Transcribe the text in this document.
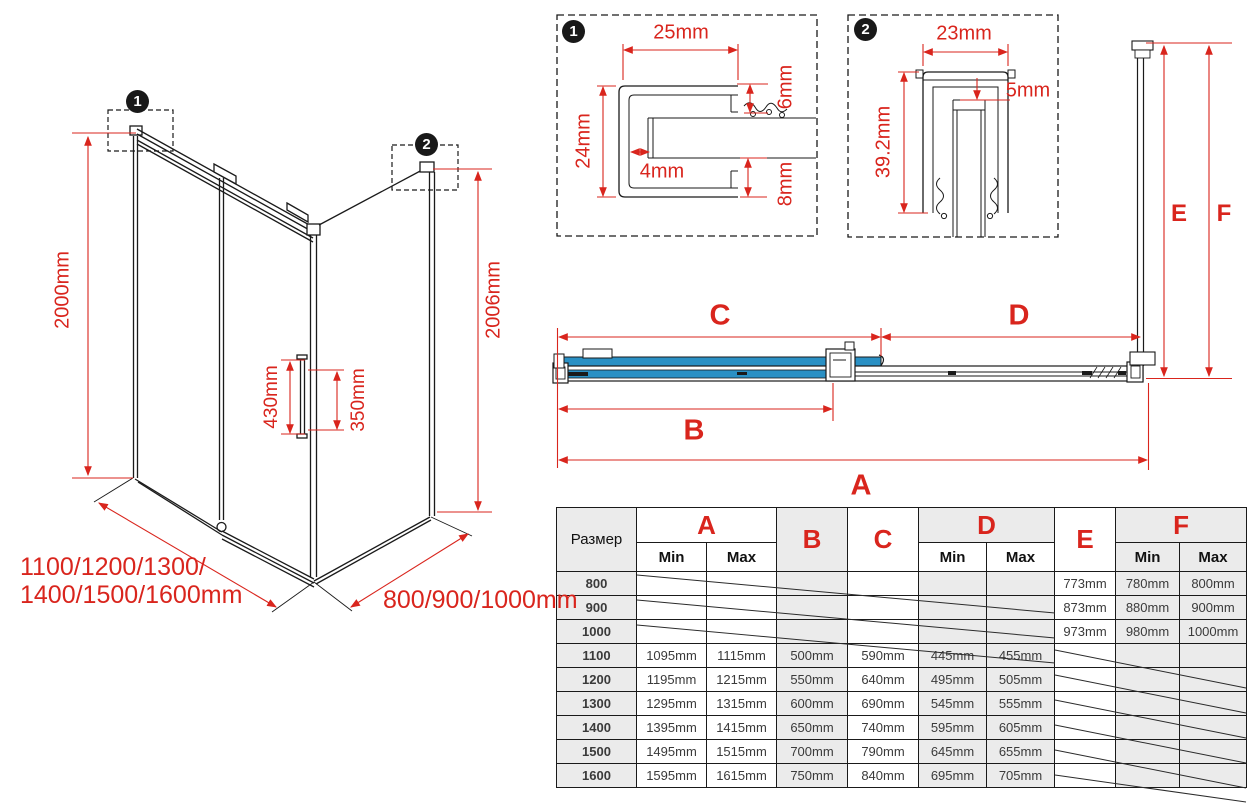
2000mm	2006mm
430mm	350mm
1100/1200/1300/
1400/1500/1600mm	800/900/1000mm
25mm
24mm
4mm
6mm
8mm
23mm
39.2mm
5mm
C	D
B
A
E F
1
2
1	2
Размер	A		B	C	D		E	F	
	Min	Max			Min	Max		Min	Max
800							773mm	780mm	800mm
900							873mm	880mm	900mm
1000							973mm	980mm	1000mm
1100	1095mm	1115mm	500mm	590mm	445mm	455mm			
1200	1195mm	1215mm	550mm	640mm	495mm	505mm			
1300	1295mm	1315mm	600mm	690mm	545mm	555mm			
1400	1395mm	1415mm	650mm	740mm	595mm	605mm			
1500	1495mm	1515mm	700mm	790mm	645mm	655mm			
1600	1595mm	1615mm	750mm	840mm	695mm	705mm			
